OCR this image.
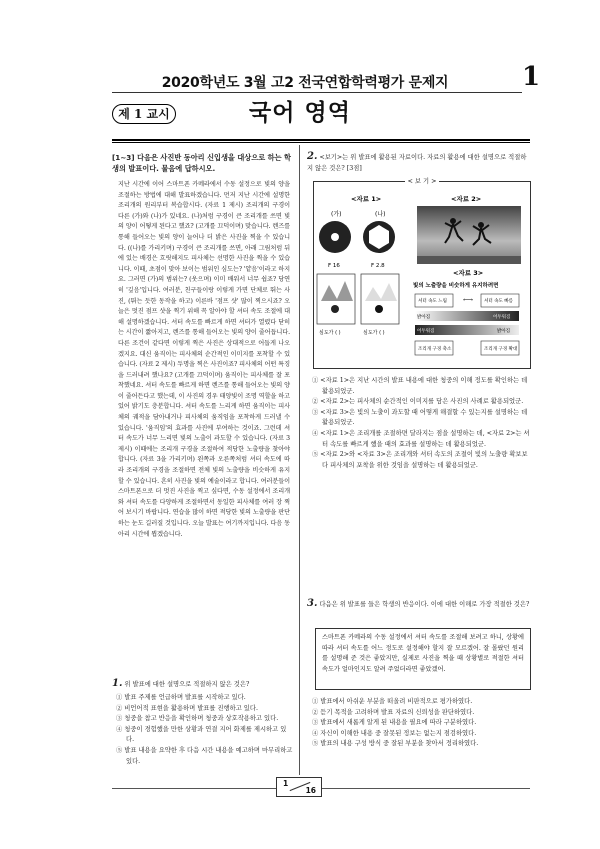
2020학년도 3월 고2 전국연합학력평가 문제지	1
제 1 교시	국어 영역
[1~3] 다음은 사진반 동아리 신입생을 대상으로 하는 학생의 발표이다. 물음에 답하시오.
지난 시간에 이어 스마트폰 카메라에서 수동 설정으로 빛의 양을 조절하는 방법에 대해 발표하겠습니다. 먼저 지난 시간에 설명한 조리개의 원리부터 복습합시다. (자료 1 제시) 조리개의 구경이 다른 (가)와 (나)가 있네요. (나)처럼 구경이 큰 조리개를 쓰면 빛의 양이 어떻게 된다고 했죠? (고개를 끄덕이며) 맞습니다. 렌즈를 통해 들어오는 빛의 양이 늘어나 더 밝은 사진을 찍을 수 있습니다. ((나)를 가리키며) 구경이 큰 조리개를 쓰면, 아래 그림처럼 뒤에 있는 배경은 흐릿해지도 피사체는 선명한 사진을 찍을 수 있습니다. 이때, 초점이 맞아 보이는 범위인 심도는? '얕음'이라고 하지요. 그러면 (가)의 범위는? (웃으며) 이미 배워서 너무 쉽죠? 당연히 '깊음'입니다. 여러분, 친구들이랑 이렇게 가면 단체로 뛰는 사진, (뛰는 듯한 동작을 하고) 이른바 '점프 샷' 많이 찍으시죠? 오늘은 멋진 점프 샷을 찍기 위해 꼭 알아야 할 셔터 속도 조절에 대해 설명하겠습니다. 셔터 속도를 빠르게 하면 셔터가 열렸다 닫히는 시간이 짧아지고, 렌즈를 통해 들어오는 빛의 양이 줄어듭니다. 다른 조건이 같다면 이렇게 찍은 사진은 상대적으로 어둡게 나오겠지요. 대신 움직이는 피사체의 순간적인 이미지를 포착할 수 있습니다. (자료 2 제시) 두명을 찍은 사진이죠? 피사체의 어떤 특징을 드러내려 했나요? (고개를 끄덕이며) 움직이는 피사체를 잘 포착했네요. 셔터 속도를 빠르게 하면 렌즈를 통해 들어오는 빛의 양이 줄어든다고 했는데, 이 사진의 경우 태양빛이 조명 역할을 하고 있어 밝기도 충분합니다. 셔터 속도를 느리게 하면 움직이는 피사체의 궤적을 담아내거나 피사체의 움직임을 포착하게 드러낼 수 있습니다. '움직임'의 효과를 사진에 부여하는 것이죠. 그런데 셔터 속도가 너무 느리면 빛의 노출이 과도할 수 있습니다. (자료 3 제시) 이때에는 조리개 구경을 조절하여 적당한 노출량을 찾아야 합니다. (자료 3을 가리키며) 왼쪽과 오른쪽처럼 셔터 속도에 따라 조리개의 구경을 조절하면 전체 빛의 노출량을 비슷하게 유지할 수 있습니다. 흔히 사진을 빛의 예술이라고 합니다. 여러분들이 스마트폰으로 더 멋진 사진을 찍고 싶다면, 수동 설정에서 조리개와 셔터 속도를 다양하게 조절하면서 동일한 피사체를 여러 장 찍어 보시기 바랍니다. 연습을 많이 하면 적당한 빛의 노출량을 판단하는 눈도 길러질 것입니다. 오늘 발표는 여기까지입니다. 다음 동아리 시간에 뵙겠습니다.
1. 위 발표에 대한 설명으로 적절하지 않은 것은?
① 발표 주제를 언급하며 발표를 시작하고 있다.
② 비언어적 표현을 활용하며 발표를 진행하고 있다.
③ 청중을 참고 반응을 확인하며 청중과 상호작용하고 있다.
④ 청중이 경험했을 만한 상황과 연결 지어 화제를 제시하고 있다.
⑤ 발표 내용을 요약한 후 다음 시간 내용을 예고하며 마무리하고 있다.
2. <보기>는 위 발표에 활용된 자료이다. 자료의 활용에 대한 설명으로 적절하지 않은 것은? [3점]
< 보 기 >
<자료 1>
(가)	(나)
F 16	F 2.8
심도가 ( )	심도가 ( )
<자료 2>
<자료 3>
빛의 노출량을 비슷하게 유지하려면
셔터 속도 느림 ⟷ 셔터 속도 빠름
밝아짐	어두워짐
어두워짐	밝아짐
조리개 구경 축소	조리개 구경 확대
① <자료 1>은 지난 시간의 발표 내용에 대한 청중의 이해 정도를 확인하는 데 활용되었군.
② <자료 2>는 피사체의 순간적인 이미지를 담은 사진의 사례로 활용되었군.
③ <자료 3>은 빛의 노출이 과도할 때 어떻게 해결할 수 있는지를 설명하는 데 활용되었군.
④ <자료 1>은 조리개를 조절하면 달라지는 점을 설명하는 데, <자료 2>는 셔터 속도를 빠르게 했을 때의 효과를 설명하는 데 활용되었군.
⑤ <자료 2>와 <자료 3>은 조리개와 셔터 속도의 조절이 빛의 노출량 확보보다 피사체의 포착을 위한 것임을 설명하는 데 활용되었군.
3. 다음은 위 발표를 들은 학생의 반응이다. 이에 대한 이해로 가장 적절한 것은?
스마트폰 카메라의 수동 설정에서 셔터 속도를 조절해 보려고 하니, 상황에 따라 셔터 속도를 어느 정도로 설정해야 할지 잘 모르겠어. 잘 몰랐던 원리를 설명해 준 것은 좋았지만, 실제로 사진을 찍을 때 상황별로 적절한 셔터 속도가 얼마인지도 알려 주었더라면 좋았겠어.
① 발표에서 아쉬운 부분을 떠올려 비판적으로 평가하였다.
② 듣기 목적을 고려하며 발표 자료의 신뢰성을 판단하였다.
③ 발표에서 새롭게 알게 된 내용을 필요에 따라 구분하였다.
④ 자신이 이해한 내용 중 잘못된 정보는 없는지 점검하였다.
⑤ 발표의 내용 구성 방식 중 잘된 부분을 찾아서 정리하였다.
1
16
